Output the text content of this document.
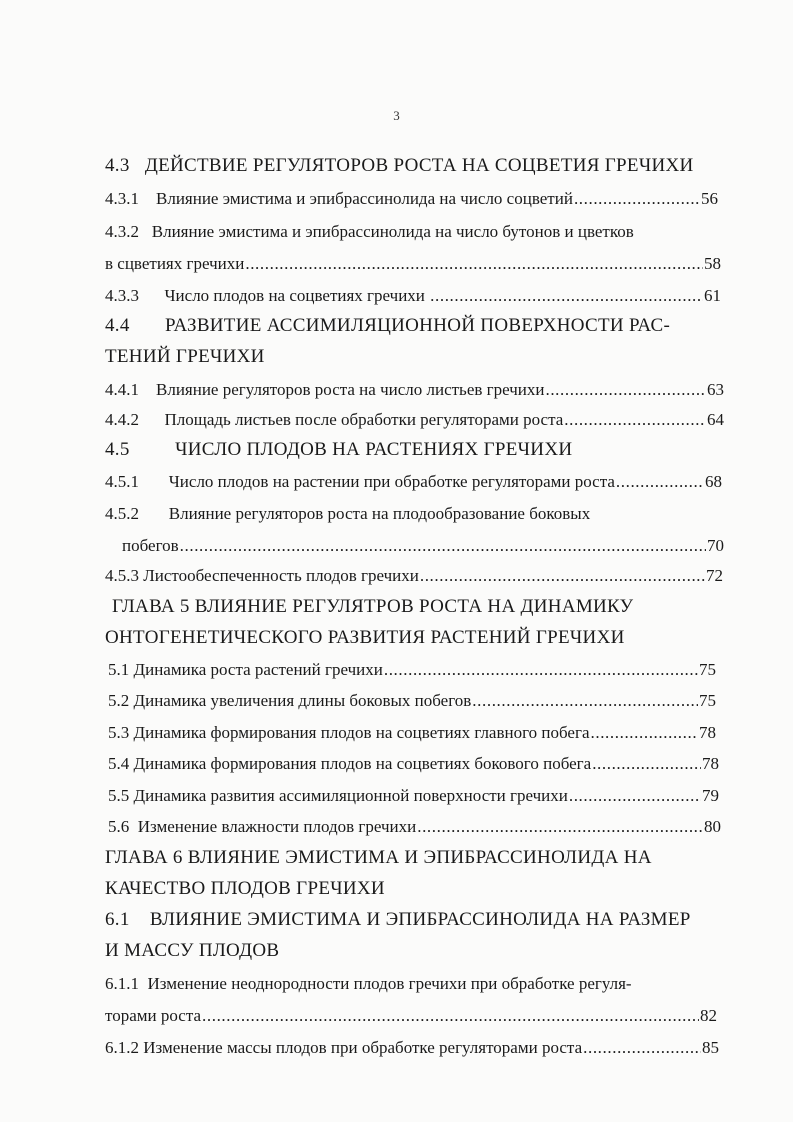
3
4.3 ДЕЙСТВИЕ РЕГУЛЯТОРОВ РОСТА НА СОЦВЕТИЯ ГРЕЧИХИ
4.3.1 Влияние эмистима и эпибрассинолида на число соцветий .....	56
4.3.2 Влияние эмистима и эпибрассинолида на число бутонов и цветков
в сцветиях гречихи .....	58
4.3.3 Число плодов на соцветиях гречихи .....	61
4.4 РАЗВИТИЕ АССИМИЛЯЦИОННОЙ ПОВЕРХНОСТИ РАС-
ТЕНИЙ ГРЕЧИХИ
4.4.1 Влияние регуляторов роста на число листьев гречихи .....	63
4.4.2 Площадь листьев после обработки регуляторами роста .....	64
4.5 ЧИСЛО ПЛОДОВ НА РАСТЕНИЯХ ГРЕЧИХИ
4.5.1 Число плодов на растении при обработке регуляторами роста .....	68
4.5.2 Влияние регуляторов роста на плодообразование боковых
побегов .....	70
4.5.3 Листообеспеченность плодов гречихи .....	72
ГЛАВА 5 ВЛИЯНИЕ РЕГУЛЯТРОВ РОСТА НА ДИНАМИКУ
ОНТОГЕНЕТИЧЕСКОГО РАЗВИТИЯ РАСТЕНИЙ ГРЕЧИХИ
5.1 Динамика роста растений гречихи .....	75
5.2 Динамика увеличения длины боковых побегов .....	75
5.3 Динамика формирования плодов на соцветиях главного побега .....	78
5.4 Динамика формирования плодов на соцветиях бокового побега .....	78
5.5 Динамика развития ассимиляционной поверхности гречихи .....	79
5.6 Изменение влажности плодов гречихи .....	80
ГЛАВА 6 ВЛИЯНИЕ ЭМИСТИМА И ЭПИБРАССИНОЛИДА НА
КАЧЕСТВО ПЛОДОВ ГРЕЧИХИ
6.1 ВЛИЯНИЕ ЭМИСТИМА И ЭПИБРАССИНОЛИДА НА РАЗМЕР
И МАССУ ПЛОДОВ
6.1.1 Изменение неоднородности плодов гречихи при обработке регуля-
торами роста .....	82
6.1.2 Изменение массы плодов при обработке регуляторами роста .....	85
